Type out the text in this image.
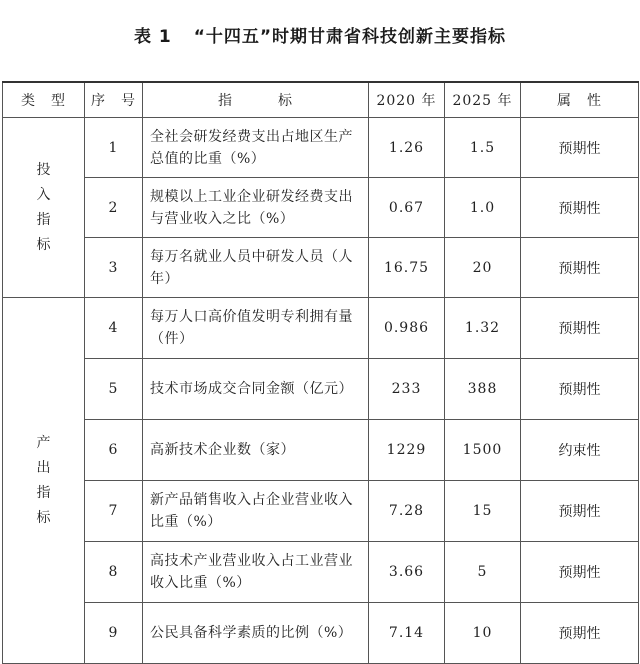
表 1 “十四五”时期甘肃省科技创新主要指标
类　型	序　号	指　　　标	2020 年	2025 年	属　性
投入指标	1	全社会研发经费支出占地区生产总值的比重（%）	1.26	1.5	预期性
	2	规模以上工业企业研发经费支出与营业收入之比（%）	0.67	1.0	预期性
	3	每万名就业人员中研发人员（人年）	16.75	20	预期性
产出指标	4	每万人口高价值发明专利拥有量（件）	0.986	1.32	预期性
	5	技术市场成交合同金额（亿元）	233	388	预期性
	6	高新技术企业数（家）	1229	1500	约束性
	7	新产品销售收入占企业营业收入比重（%）	7.28	15	预期性
	8	高技术产业营业收入占工业营业收入比重（%）	3.66	5	预期性
	9	公民具备科学素质的比例（%）	7.14	10	预期性
